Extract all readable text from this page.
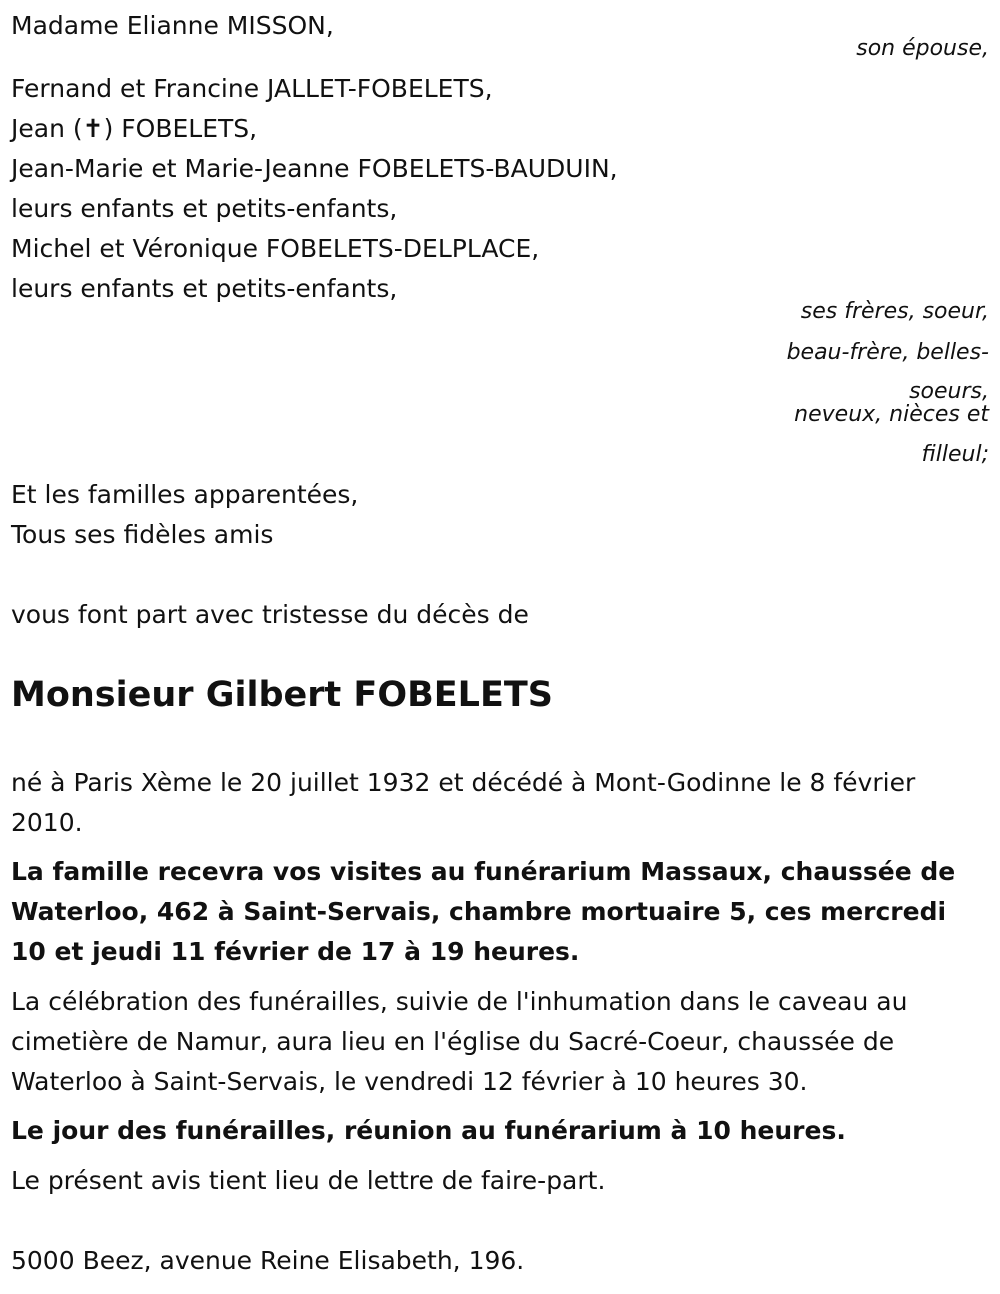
Madame Elianne MISSON,
son épouse,
Fernand et Francine JALLET-FOBELETS,
Jean (✝) FOBELETS,
Jean-Marie et Marie-Jeanne FOBELETS-BAUDUIN,
leurs enfants et petits-enfants,
Michel et Véronique FOBELETS-DELPLACE,
leurs enfants et petits-enfants,
ses frères, soeur,
beau-frère, belles-
soeurs,
neveux, nièces et
filleul;
Et les familles apparentées,
Tous ses fidèles amis
vous font part avec tristesse du décès de
Monsieur Gilbert FOBELETS
né à Paris Xème le 20 juillet 1932 et décédé à Mont-Godinne le 8 février 2010.
La famille recevra vos visites au funérarium Massaux, chaussée de Waterloo, 462 à Saint-Servais, chambre mortuaire 5, ces mercredi 10 et jeudi 11 février de 17 à 19 heures.
La célébration des funérailles, suivie de l'inhumation dans le caveau au cimetière de Namur, aura lieu en l'église du Sacré-Coeur, chaussée de Waterloo à Saint-Servais, le vendredi 12 février à 10 heures 30.
Le jour des funérailles, réunion au funérarium à 10 heures.
Le présent avis tient lieu de lettre de faire-part.
5000 Beez, avenue Reine Elisabeth, 196.
